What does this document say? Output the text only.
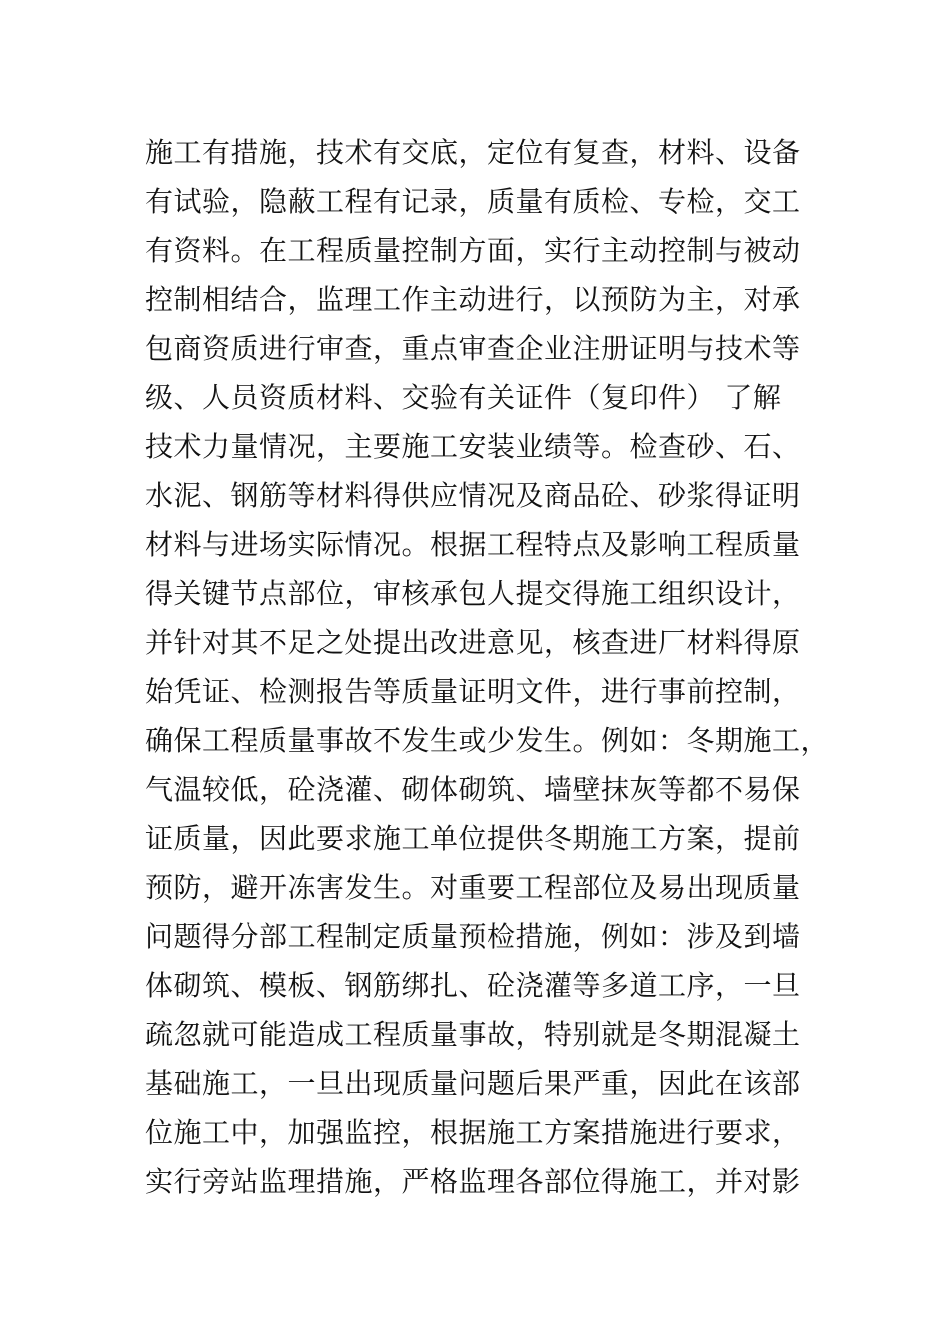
施工有措施，技术有交底，定位有复查，材料、设备
有试验，隐蔽工程有记录，质量有质检、专检，交工
有资料。在工程质量控制方面，实行主动控制与被动
控制相结合，监理工作主动进行，以预防为主，对承
包商资质进行审查，重点审查企业注册证明与技术等
级、人员资质材料、交验有关证件（复印件） 了解
技术力量情况，主要施工安装业绩等。检查砂、石、
水泥、钢筋等材料得供应情况及商品砼、砂浆得证明
材料与进场实际情况。根据工程特点及影响工程质量
得关键节点部位，审核承包人提交得施工组织设计，
并针对其不足之处提出改进意见，核查进厂材料得原
始凭证、检测报告等质量证明文件，进行事前控制，
确保工程质量事故不发生或少发生。例如：冬期施工，
气温较低，砼浇灌、砌体砌筑、墙壁抹灰等都不易保
证质量，因此要求施工单位提供冬期施工方案，提前
预防，避开冻害发生。对重要工程部位及易出现质量
问题得分部工程制定质量预检措施，例如：涉及到墙
体砌筑、模板、钢筋绑扎、砼浇灌等多道工序，一旦
疏忽就可能造成工程质量事故，特别就是冬期混凝土
基础施工，一旦出现质量问题后果严重，因此在该部
位施工中，加强监控，根据施工方案措施进行要求，
实行旁站监理措施，严格监理各部位得施工，并对影
